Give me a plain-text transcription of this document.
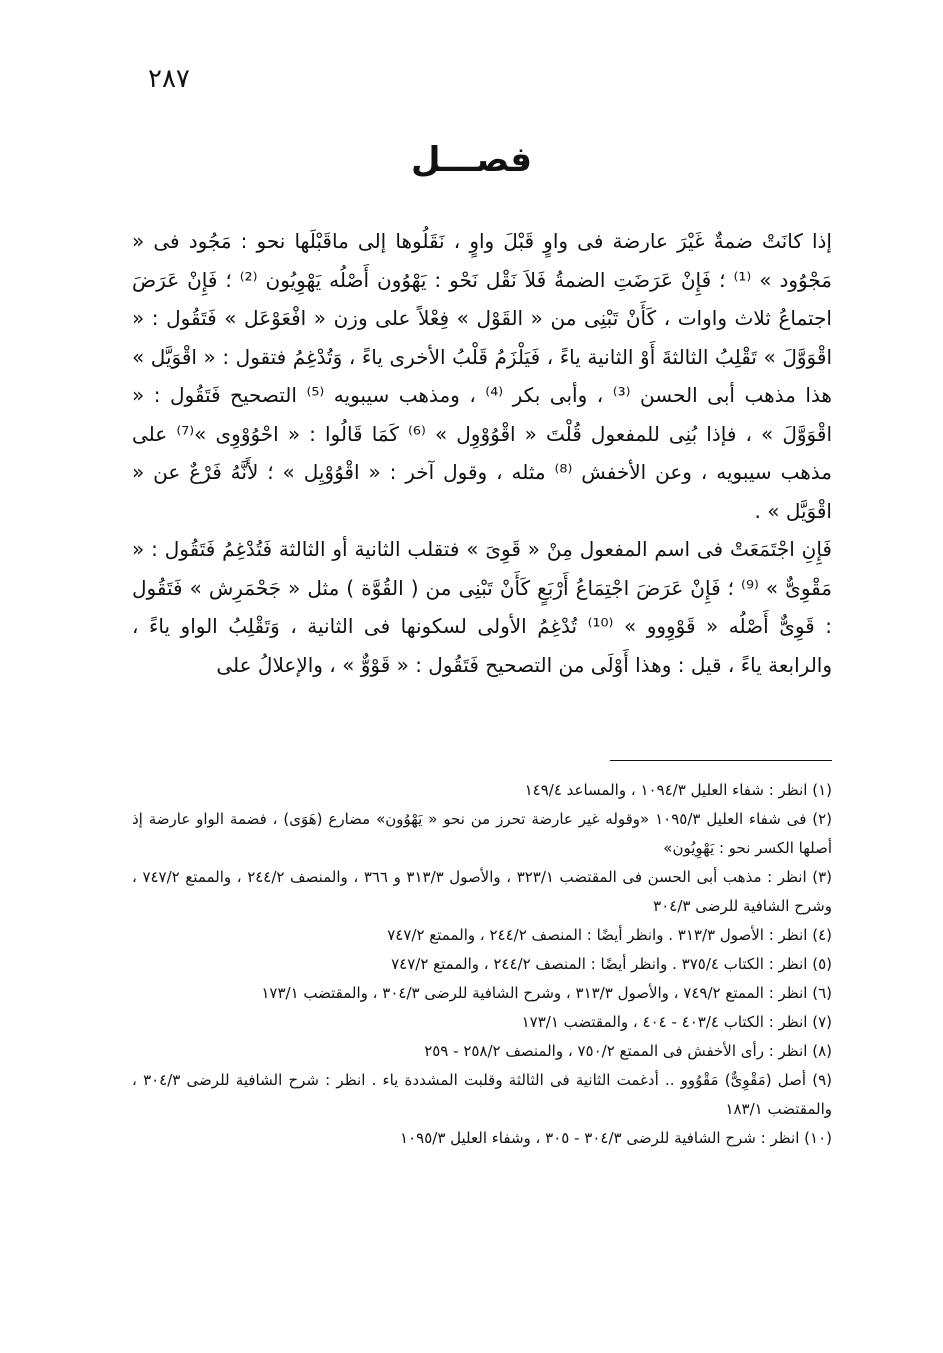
٢٨٧
فصـــل

إذا كانَتْ ضمةٌ غَيْرَ عارضة فى واوٍ قَبْلَ واوٍ ، نَقَلُوها إلى ماقَبْلَها نحو : مَجُود فى « مَجْوُود » ⁽¹⁾ ؛ فَإِنْ عَرَضَتِ الضمةُ فَلاَ نَقْل نَحْو : يَهْوُون أَصْلُه يَهْوِيُون ⁽²⁾ ؛ فَإِنْ عَرَضَ اجتماعُ ثلاث واوات ، كَأَنْ تَبْنِى من « القَوْل » فِعْلاً على وزن « افْعَوْعَل » فَتَقُول : « اقْوَوَّلَ » تَقْلِبُ الثالثةَ أَوْ الثانية ياءً ، فَيَلْزَمُ قَلْبُ الأخرى ياءً ، وَتُدْغِمُ فتقول : « اقْوَيَّل » هذا مذهب أبى الحسن ⁽³⁾ ، وأبى بكر ⁽⁴⁾ ، ومذهب سيبويه ⁽⁵⁾ التصحيح فَتَقُول : « اقْوَوَّلَ » ، فإذا بُنِى للمفعول قُلْتَ « اقْوُوْوِل » ⁽⁶⁾ كَمَا قَالُوا : « احْوُوْوِى »⁽⁷⁾ على مذهب سيبويه ، وعن الأخفش ⁽⁸⁾ مثله ، وقول آخر : « اقْوُوْيِل » ؛ لأَنَّهُ فَرْعٌ عن « اقْوَيَّل » .

فَإِنِ اجْتَمَعَتْ فى اسم المفعول مِنْ « قَوِىَ » فتقلب الثانية أو الثالثة فَتُدْغِمُ فَتَقُول : « مَقْوِىٌّ » ⁽⁹⁾ ؛ فَإِنْ عَرَضَ اجْتِمَاعُ أَرْبَعٍ كَأَنْ تَبْنِى من ( القُوَّة ) مثل « جَحْمَرِش » فَتَقُول : قَوِىٌّ أَصْلُه « قَوْوِوو » ⁽¹⁰⁾ تُدْغِمُ الأولى لسكونها فى الثانية ، وَتَقْلِبُ الواو ياءً ، والرابعة ياءً ، قيل : وهذا أَوْلَى من التصحيح فَتَقُول : « قَوْوٌّ » ، والإعلالُ على

(١) انظر : شفاء العليل ١٠٩٤/٣ ، والمساعد ١٤٩/٤

(٢) فى شفاء العليل ١٠٩٥/٣ «وقوله غير عارضة تحرز من نحو « يَهْوُون» مضارع (هَوَى) ، فضمة الواو عارضة إذ أصلها الكسر نحو : يَهْوِيُون»

(٣) انظر : مذهب أبى الحسن فى المقتضب ٣٢٣/١ ، والأصول ٣١٣/٣ و ٣٦٦ ، والمنصف ٢٤٤/٢ ، والممتع ٧٤٧/٢ ، وشرح الشافية للرضى ٣٠٤/٣

(٤) انظر : الأصول ٣١٣/٣ . وانظر أيضًا : المنصف ٢٤٤/٢ ، والممتع ٧٤٧/٢

(٥) انظر : الكتاب ٣٧٥/٤ . وانظر أيضًا : المنصف ٢٤٤/٢ ، والممتع ٧٤٧/٢

(٦) انظر : الممتع ٧٤٩/٢ ، والأصول ٣١٣/٣ ، وشرح الشافية للرضى ٣٠٤/٣ ، والمقتضب ١٧٣/١

(٧) انظر : الكتاب ٤٠٣/٤ - ٤٠٤ ، والمقتضب ١٧٣/١

(٨) انظر : رأى الأخفش فى الممتع ٧٥٠/٢ ، والمنصف ٢٥٨/٢ - ٢٥٩

(٩) أصل (مَقْوِىٌّ) مَقْوُوو .. أدغمت الثانية فى الثالثة وقلبت المشددة ياء . انظر : شرح الشافية للرضى ٣٠٤/٣ ، والمقتضب ١٨٣/١

(١٠) انظر : شرح الشافية للرضى ٣٠٤/٣ - ٣٠٥ ، وشفاء العليل ١٠٩٥/٣
